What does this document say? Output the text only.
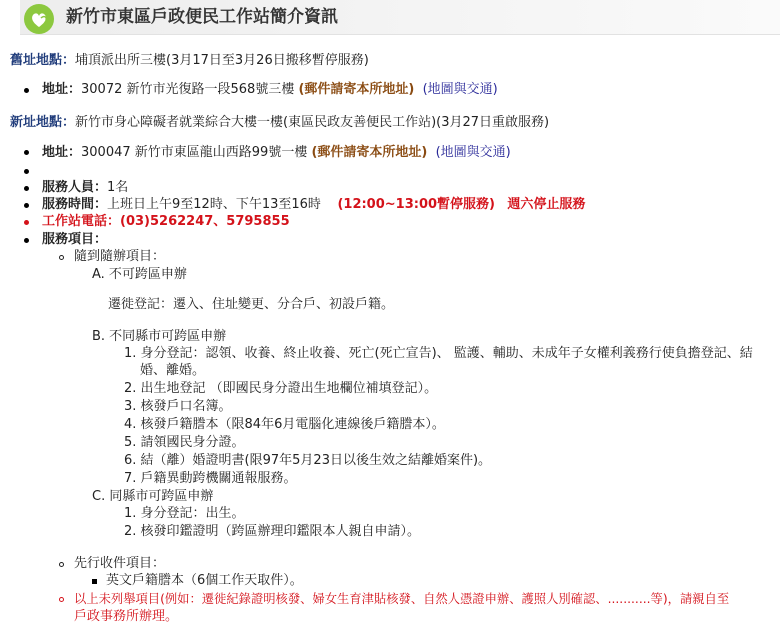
新竹市東區戶政便民工作站簡介資訊
舊址地點：埔頂派出所三樓(3月17日至3月26日搬移暫停服務)
地址：30072 新竹市光復路一段568號三樓 (郵件請寄本所地址) (地圖與交通)
新址地點：新竹市身心障礙者就業綜合大樓一樓(東區民政友善便民工作站)(3月27日重啟服務)
地址：300047 新竹市東區龍山西路99號一樓 (郵件請寄本所地址) (地圖與交通)
服務人員：1名
服務時間：上班日上午9至12時、下午13至16時 (12:00~13:00暫停服務) 週六停止服務
工作站電話：(03)5262247、5795855
服務項目：
隨到隨辦項目：
A. 不可跨區申辦
遷徙登記：遷入、住址變更、分合戶、初設戶籍。
B. 不同縣市可跨區申辦
1. 身分登記：認領、收養、終止收養、死亡(死亡宣告)、 監護、輔助、未成年子女權利義務行使負擔登記、結
婚、離婚。
2. 出生地登記 （即國民身分證出生地欄位補填登記）。
3. 核發戶口名簿。
4. 核發戶籍謄本（限84年6月電腦化連線後戶籍謄本）。
5. 請領國民身分證。
6. 結（離）婚證明書(限97年5月23日以後生效之結離婚案件)。
7. 戶籍異動跨機關通報服務。
C. 同縣市可跨區申辦
1. 身分登記：出生。
2. 核發印鑑證明（跨區辦理印鑑限本人親自申請）。
先行收件項目：
英文戶籍謄本（6個工作天取件）。
以上未列舉項目(例如：遷徙紀錄證明核發、婦女生育津貼核發、自然人憑證申辦、護照人別確認、...........等)，請親自至
戶政事務所辦理。
